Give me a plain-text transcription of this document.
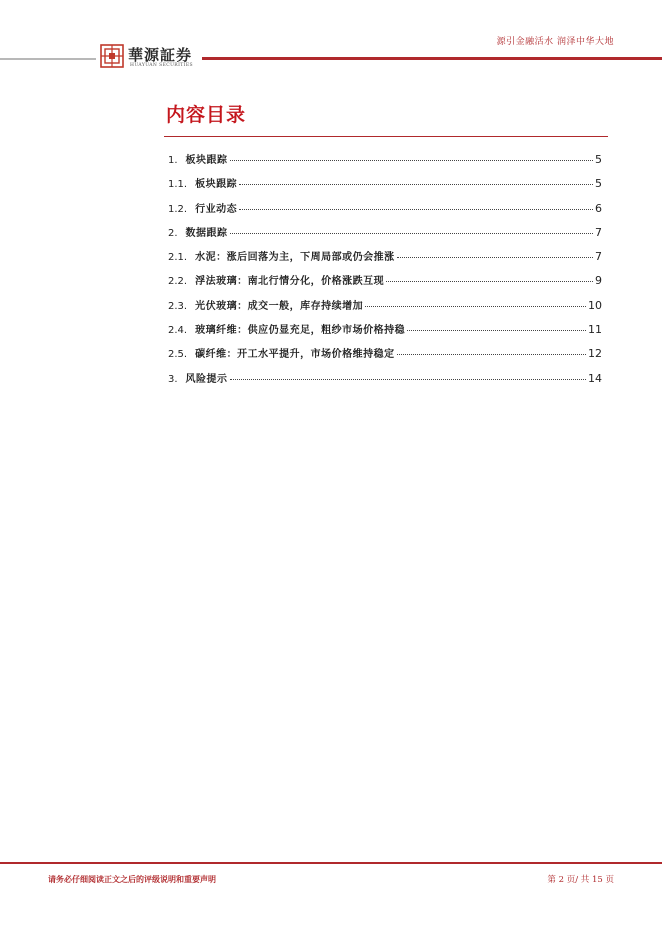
源引金融活水 润泽中华大地
華源証券
HUAYUAN SECURITIES
内容目录
1. 板块跟踪	5
1.1. 板块跟踪	5
1.2. 行业动态	6
2. 数据跟踪	7
2.1. 水泥：涨后回落为主，下周局部或仍会推涨	7
2.2. 浮法玻璃：南北行情分化，价格涨跌互现	9
2.3. 光伏玻璃：成交一般，库存持续增加	10
2.4. 玻璃纤维：供应仍显充足，粗纱市场价格持稳	11
2.5. 碳纤维：开工水平提升，市场价格维持稳定	12
3. 风险提示	14
请务必仔细阅读正文之后的评级说明和重要声明	第 2 页/ 共 15 页
